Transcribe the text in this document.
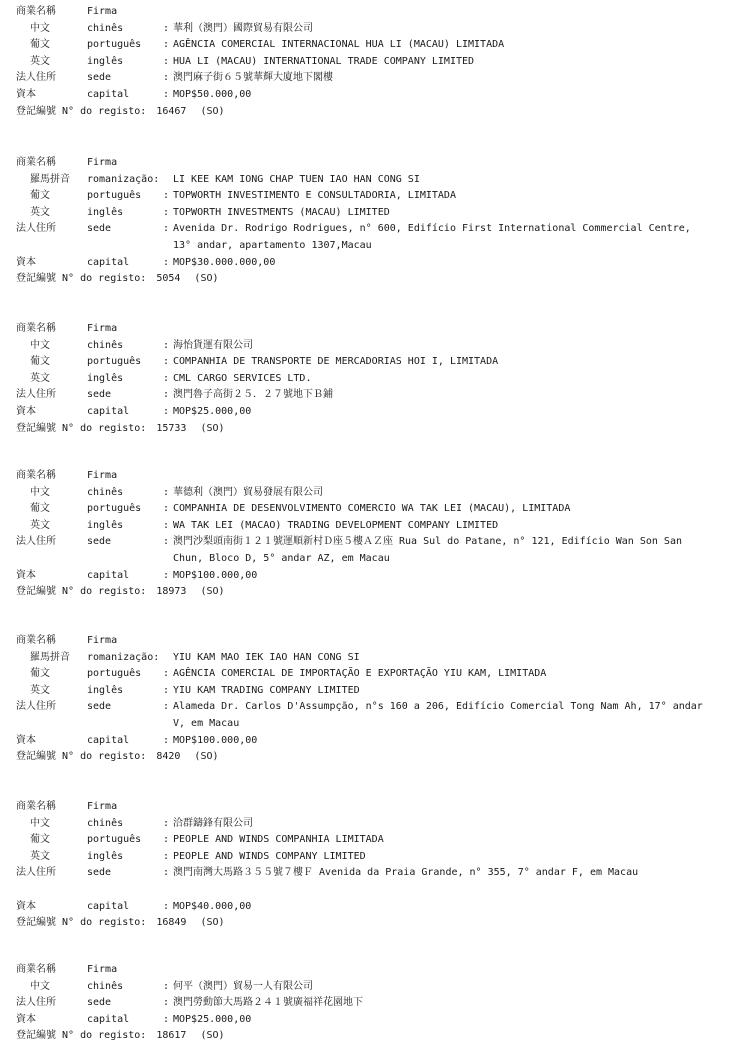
商業名稱	Firma
中文	chinês	: 華利（澳門）國際貿易有限公司
葡文	português : AGÊNCIA COMERCIAL INTERNACIONAL HUA LI (MACAU) LIMITADA
英文	inglês	: HUA LI (MACAU) INTERNATIONAL TRADE COMPANY LIMITED
法人住所	sede	: 澳門麻子街６５號華輝大廈地下閣樓
資本	capital	: MOP$50.000,00
登記編號 N° do registo: 16467 (SO)
商業名稱	Firma
羅馬拼音 romanização: LI KEE KAM IONG CHAP TUEN IAO HAN CONG SI
葡文	português : TOPWORTH INVESTIMENTO E CONSULTADORIA, LIMITADA
英文	inglês	: TOPWORTH INVESTMENTS (MACAU) LIMITED
法人住所	sede	: Avenida Dr. Rodrigo Rodrigues, n° 600, Edifício First International Commercial Centre, 13° andar, apartamento 1307,Macau
資本	capital	: MOP$30.000.000,00
登記編號 N° do registo: 5054 (SO)
商業名稱	Firma
中文	chinês	: 海怡貨運有限公司
葡文	português : COMPANHIA DE TRANSPORTE DE MERCADORIAS HOI I, LIMITADA
英文	inglês	: CML CARGO SERVICES LTD.
法人住所	sede	: 澳門魯子高街２５．２７號地下Ｂ鋪
資本	capital	: MOP$25.000,00
登記編號 N° do registo: 15733 (SO)
商業名稱	Firma
中文	chinês	: 華德利（澳門）貿易發展有限公司
葡文	português : COMPANHIA DE DESENVOLVIMENTO COMERCIO WA TAK LEI (MACAU), LIMITADA
英文	inglês	: WA TAK LEI (MACAO) TRADING DEVELOPMENT COMPANY LIMITED
法人住所	sede	: 澳門沙梨頭南街１２１號運順新村Ｄ座５樓ＡＺ座 Rua Sul do Patane, n° 121, Edifício Wan Son San Chun, Bloco D, 5° andar AZ, em Macau
資本	capital	: MOP$100.000,00
登記編號 N° do registo: 18973 (SO)
商業名稱	Firma
羅馬拼音 romanização: YIU KAM MAO IEK IAO HAN CONG SI
葡文	português : AGÊNCIA COMERCIAL DE IMPORTAÇÃO E EXPORTAÇÃO YIU KAM, LIMITADA
英文	inglês	: YIU KAM TRADING COMPANY LIMITED
法人住所	sede	: Alameda Dr. Carlos D'Assumpção, n°s 160 a 206, Edifício Comercial Tong Nam Ah, 17° andar V, em Macau
資本	capital	: MOP$100.000,00
登記編號 N° do registo: 8420 (SO)
商業名稱	Firma
中文	chinês	: 洽群鑄鋒有限公司
葡文	português : PEOPLE AND WINDS COMPANHIA LIMITADA
英文	inglês	: PEOPLE AND WINDS COMPANY LIMITED
法人住所	sede	: 澳門南灣大馬路３５５號７樓Ｆ Avenida da Praia Grande, n° 355, 7° andar F, em Macau
資本	capital	: MOP$40.000,00
登記編號 N° do registo: 16849 (SO)
商業名稱	Firma
中文	chinês	: 何平（澳門）貿易一人有限公司
法人住所	sede	: 澳門勞動節大馬路２４１號廣福祥花園地下
資本	capital	: MOP$25.000,00
登記編號 N° do registo: 18617 (SO)
